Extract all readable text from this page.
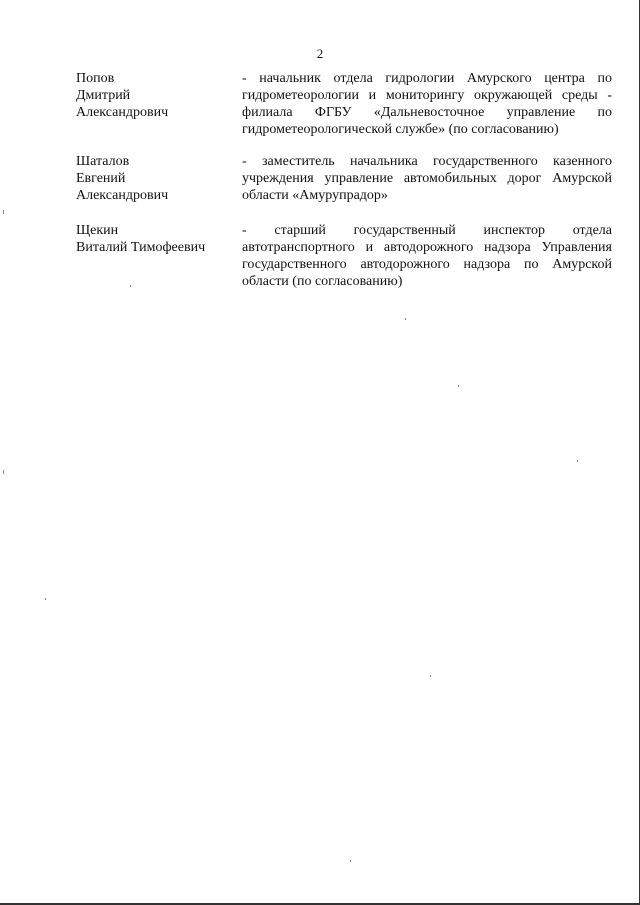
2
Попов
Дмитрий
Александрович
- начальник отдела гидрологии Амурского центра по
гидрометеорологии и мониторингу окружающей среды -
филиала ФГБУ «Дальневосточное управление по
гидрометеорологической службе» (по согласованию)
Шаталов
Евгений
Александрович
- заместитель начальника государственного казенного
учреждения управление автомобильных дорог Амурской
области «Амурупрадор»
Щекин
Виталий Тимофеевич
- старший государственный инспектор отдела
автотранспортного и автодорожного надзора Управления
государственного автодорожного надзора по Амурской
области (по согласованию)
